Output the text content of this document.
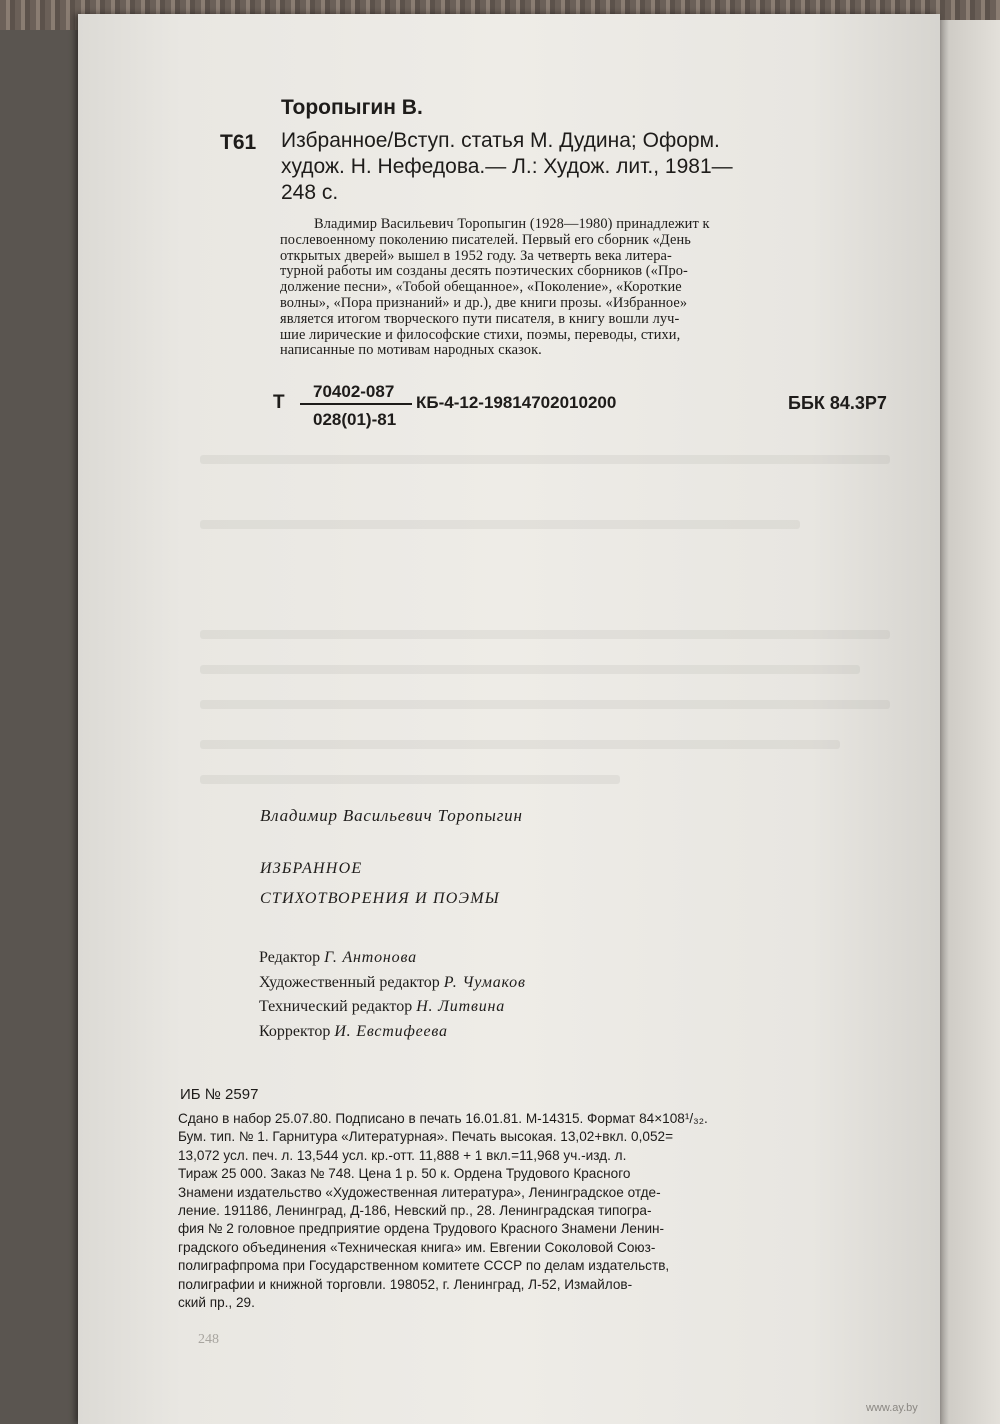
Торопыгин В.
Т61 Избранное/Вступ. статья М. Дудина; Оформ.
худож. Н. Нефедова.— Л.: Худож. лит., 1981—
248 с.
Владимир Васильевич Торопыгин (1928—1980) принадлежит к
послевоенному поколению писателей. Первый его сборник «День
открытых дверей» вышел в 1952 году. За четверть века литера-
турной работы им созданы десять поэтических сборников («Про-
должение песни», «Тобой обещанное», «Поколение», «Короткие
волны», «Пора признаний» и др.), две книги прозы. «Избранное»
является итогом творческого пути писателя, в книгу вошли луч-
шие лирические и философские стихи, поэмы, переводы, стихи,
написанные по мотивам народных сказок.
Т
70402-087
028(01)-81
КБ-4-12-19814702010200	ББК 84.3Р7
Владимир Васильевич Торопыгин
ИЗБРАННОЕ
СТИХОТВОРЕНИЯ И ПОЭМЫ
Редактор Г. Антонова
Художественный редактор Р. Чумаков
Технический редактор Н. Литвина
Корректор И. Евстифеева
ИБ № 2597
Сдано в набор 25.07.80. Подписано в печать 16.01.81. М-14315. Формат 84×108¹/₃₂.
Бум. тип. № 1. Гарнитура «Литературная». Печать высокая. 13,02+вкл. 0,052=
13,072 усл. печ. л. 13,544 усл. кр.-отт. 11,888 + 1 вкл.=11,968 уч.-изд. л.
Тираж 25 000. Заказ № 748. Цена 1 р. 50 к. Ордена Трудового Красного
Знамени издательство «Художественная литература», Ленинградское отде-
ление. 191186, Ленинград, Д-186, Невский пр., 28. Ленинградская типогра-
фия № 2 головное предприятие ордена Трудового Красного Знамени Ленин-
градского объединения «Техническая книга» им. Евгении Соколовой Союз-
полиграфпрома при Государственном комитете СССР по делам издательств,
полиграфии и книжной торговли. 198052, г. Ленинград, Л-52, Измайлов-
ский пр., 29.
248
www.ay.by
